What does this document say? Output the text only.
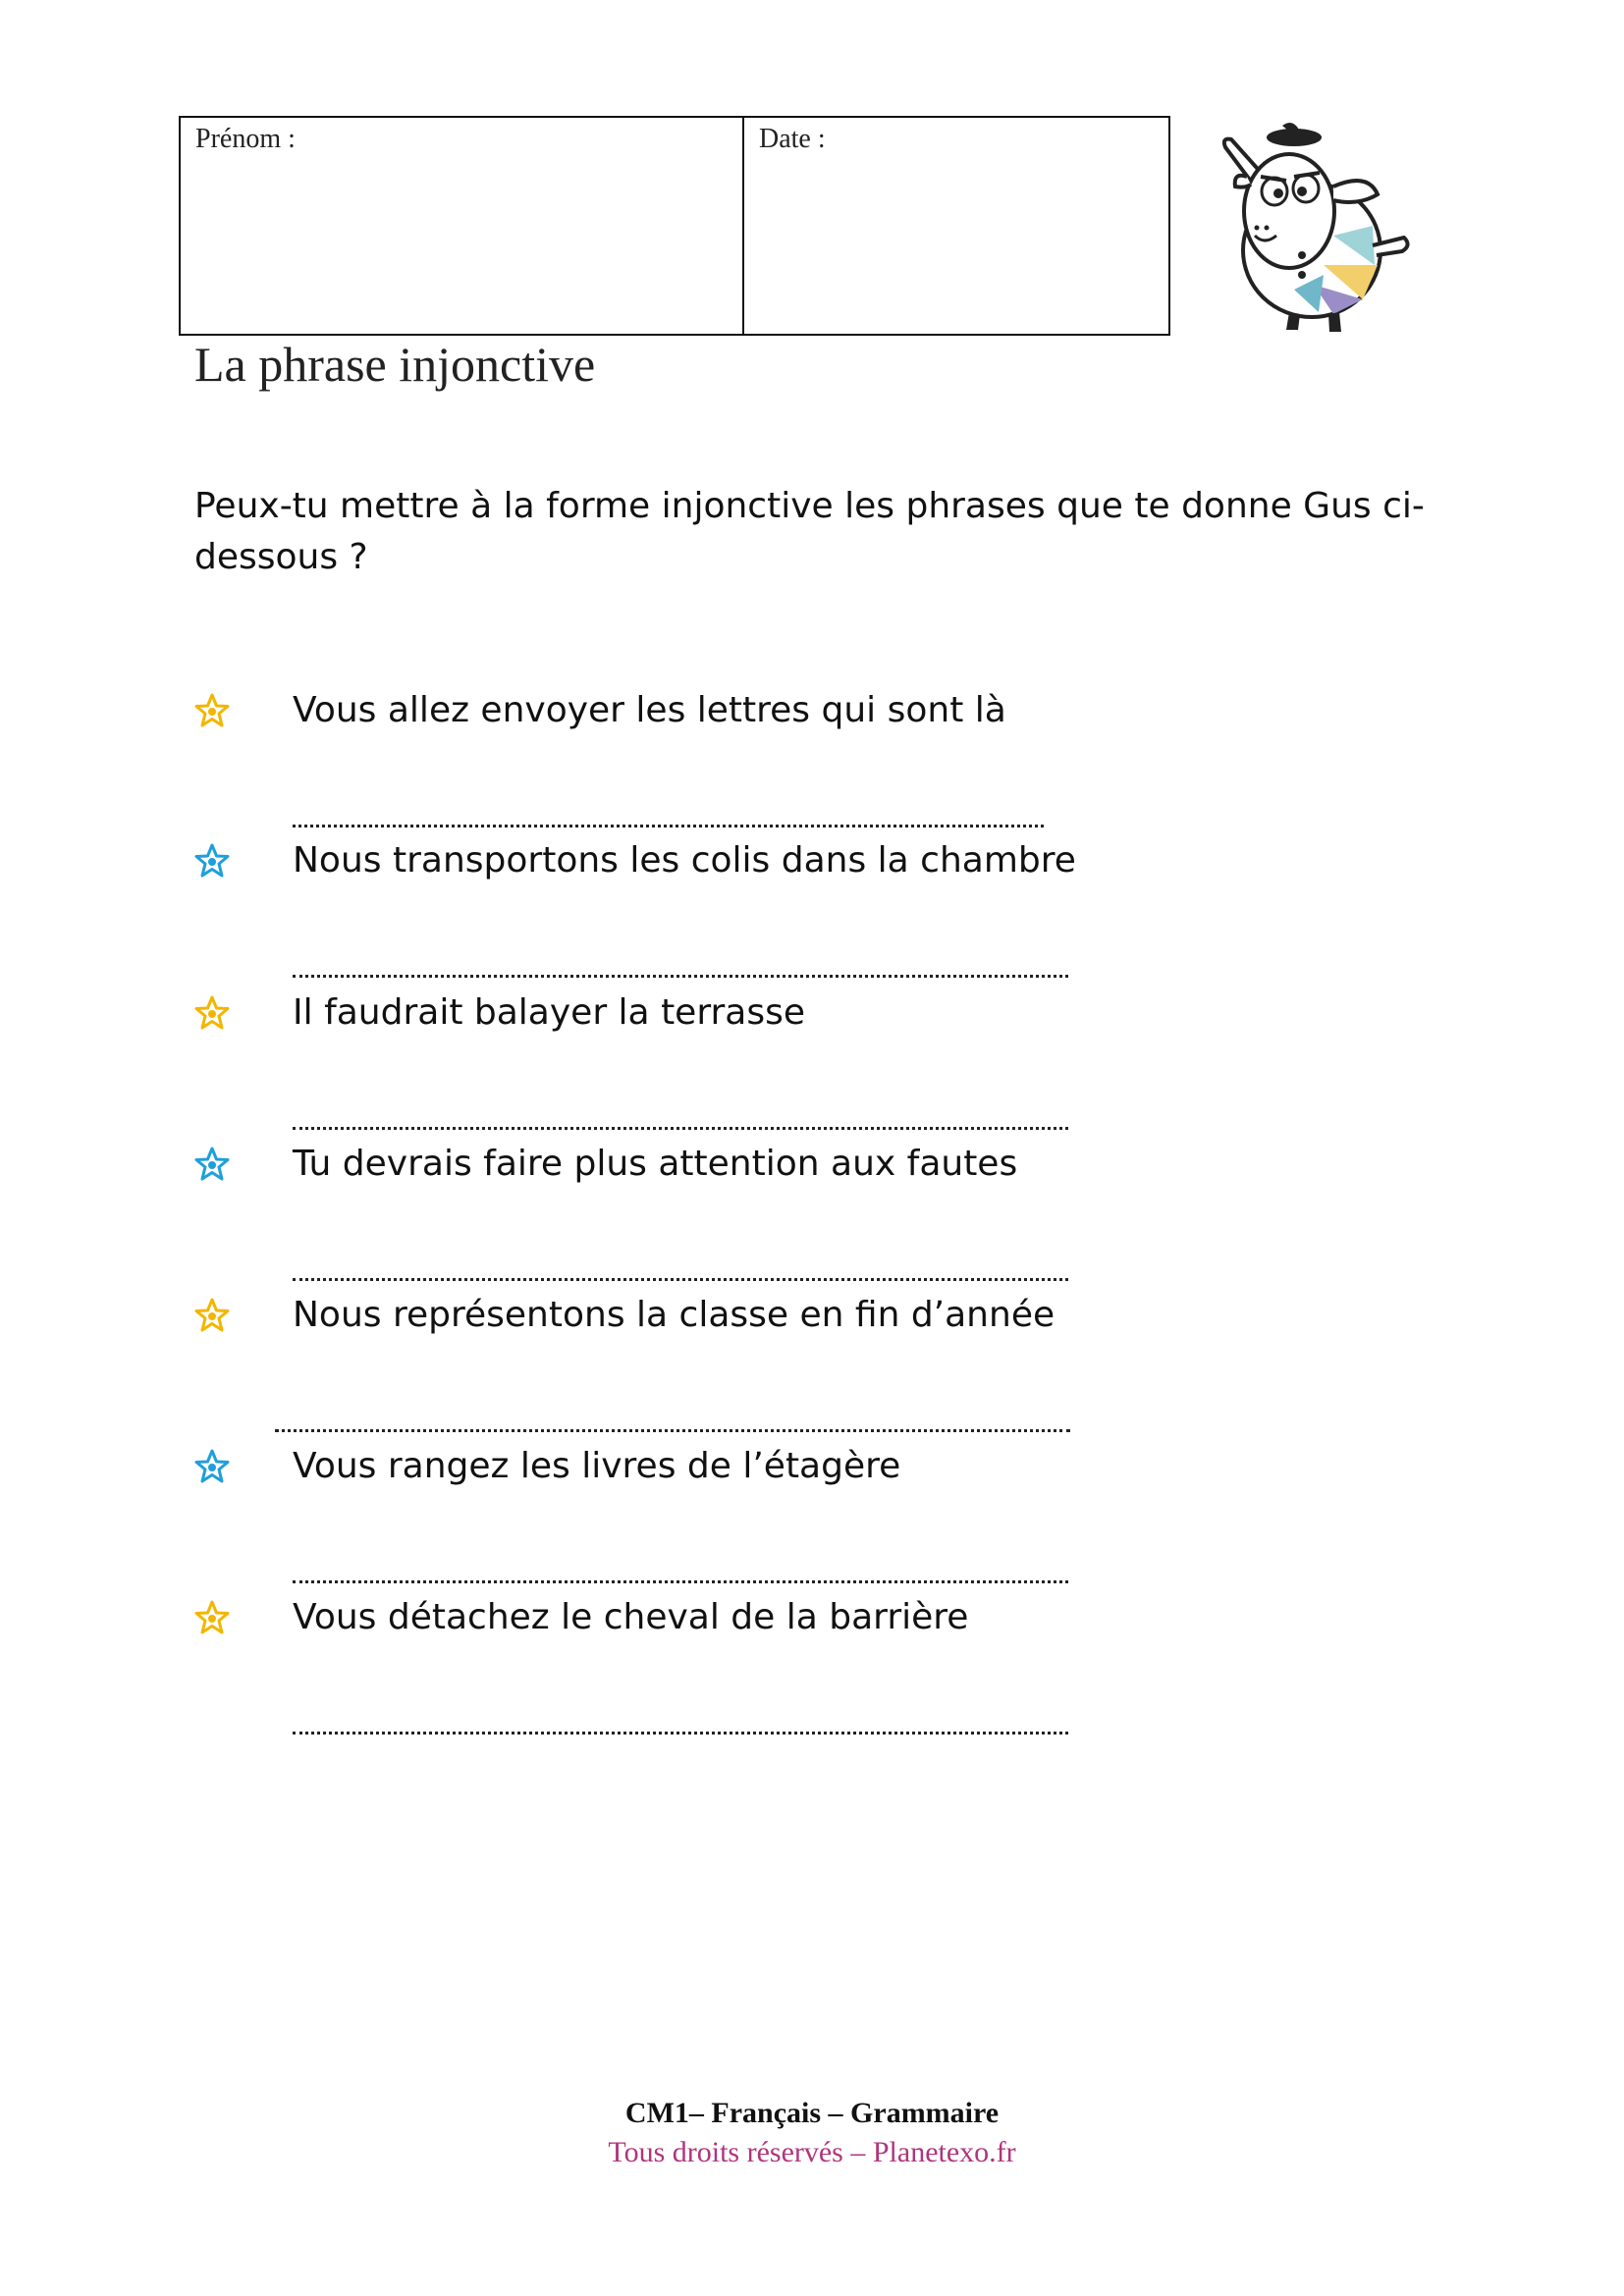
Prénom :	Date :
La phrase injonctive
Peux-tu mettre à la forme injonctive les phrases que te donne Gus ci-dessous ?
Vous allez envoyer les lettres qui sont là
Nous transportons les colis dans la chambre
Il faudrait balayer la terrasse
Tu devrais faire plus attention aux fautes
Nous représentons la classe en fin d’année
Vous rangez les livres de l’étagère
Vous détachez le cheval de la barrière
CM1– Français – Grammaire
Tous droits réservés – Planetexo.fr
